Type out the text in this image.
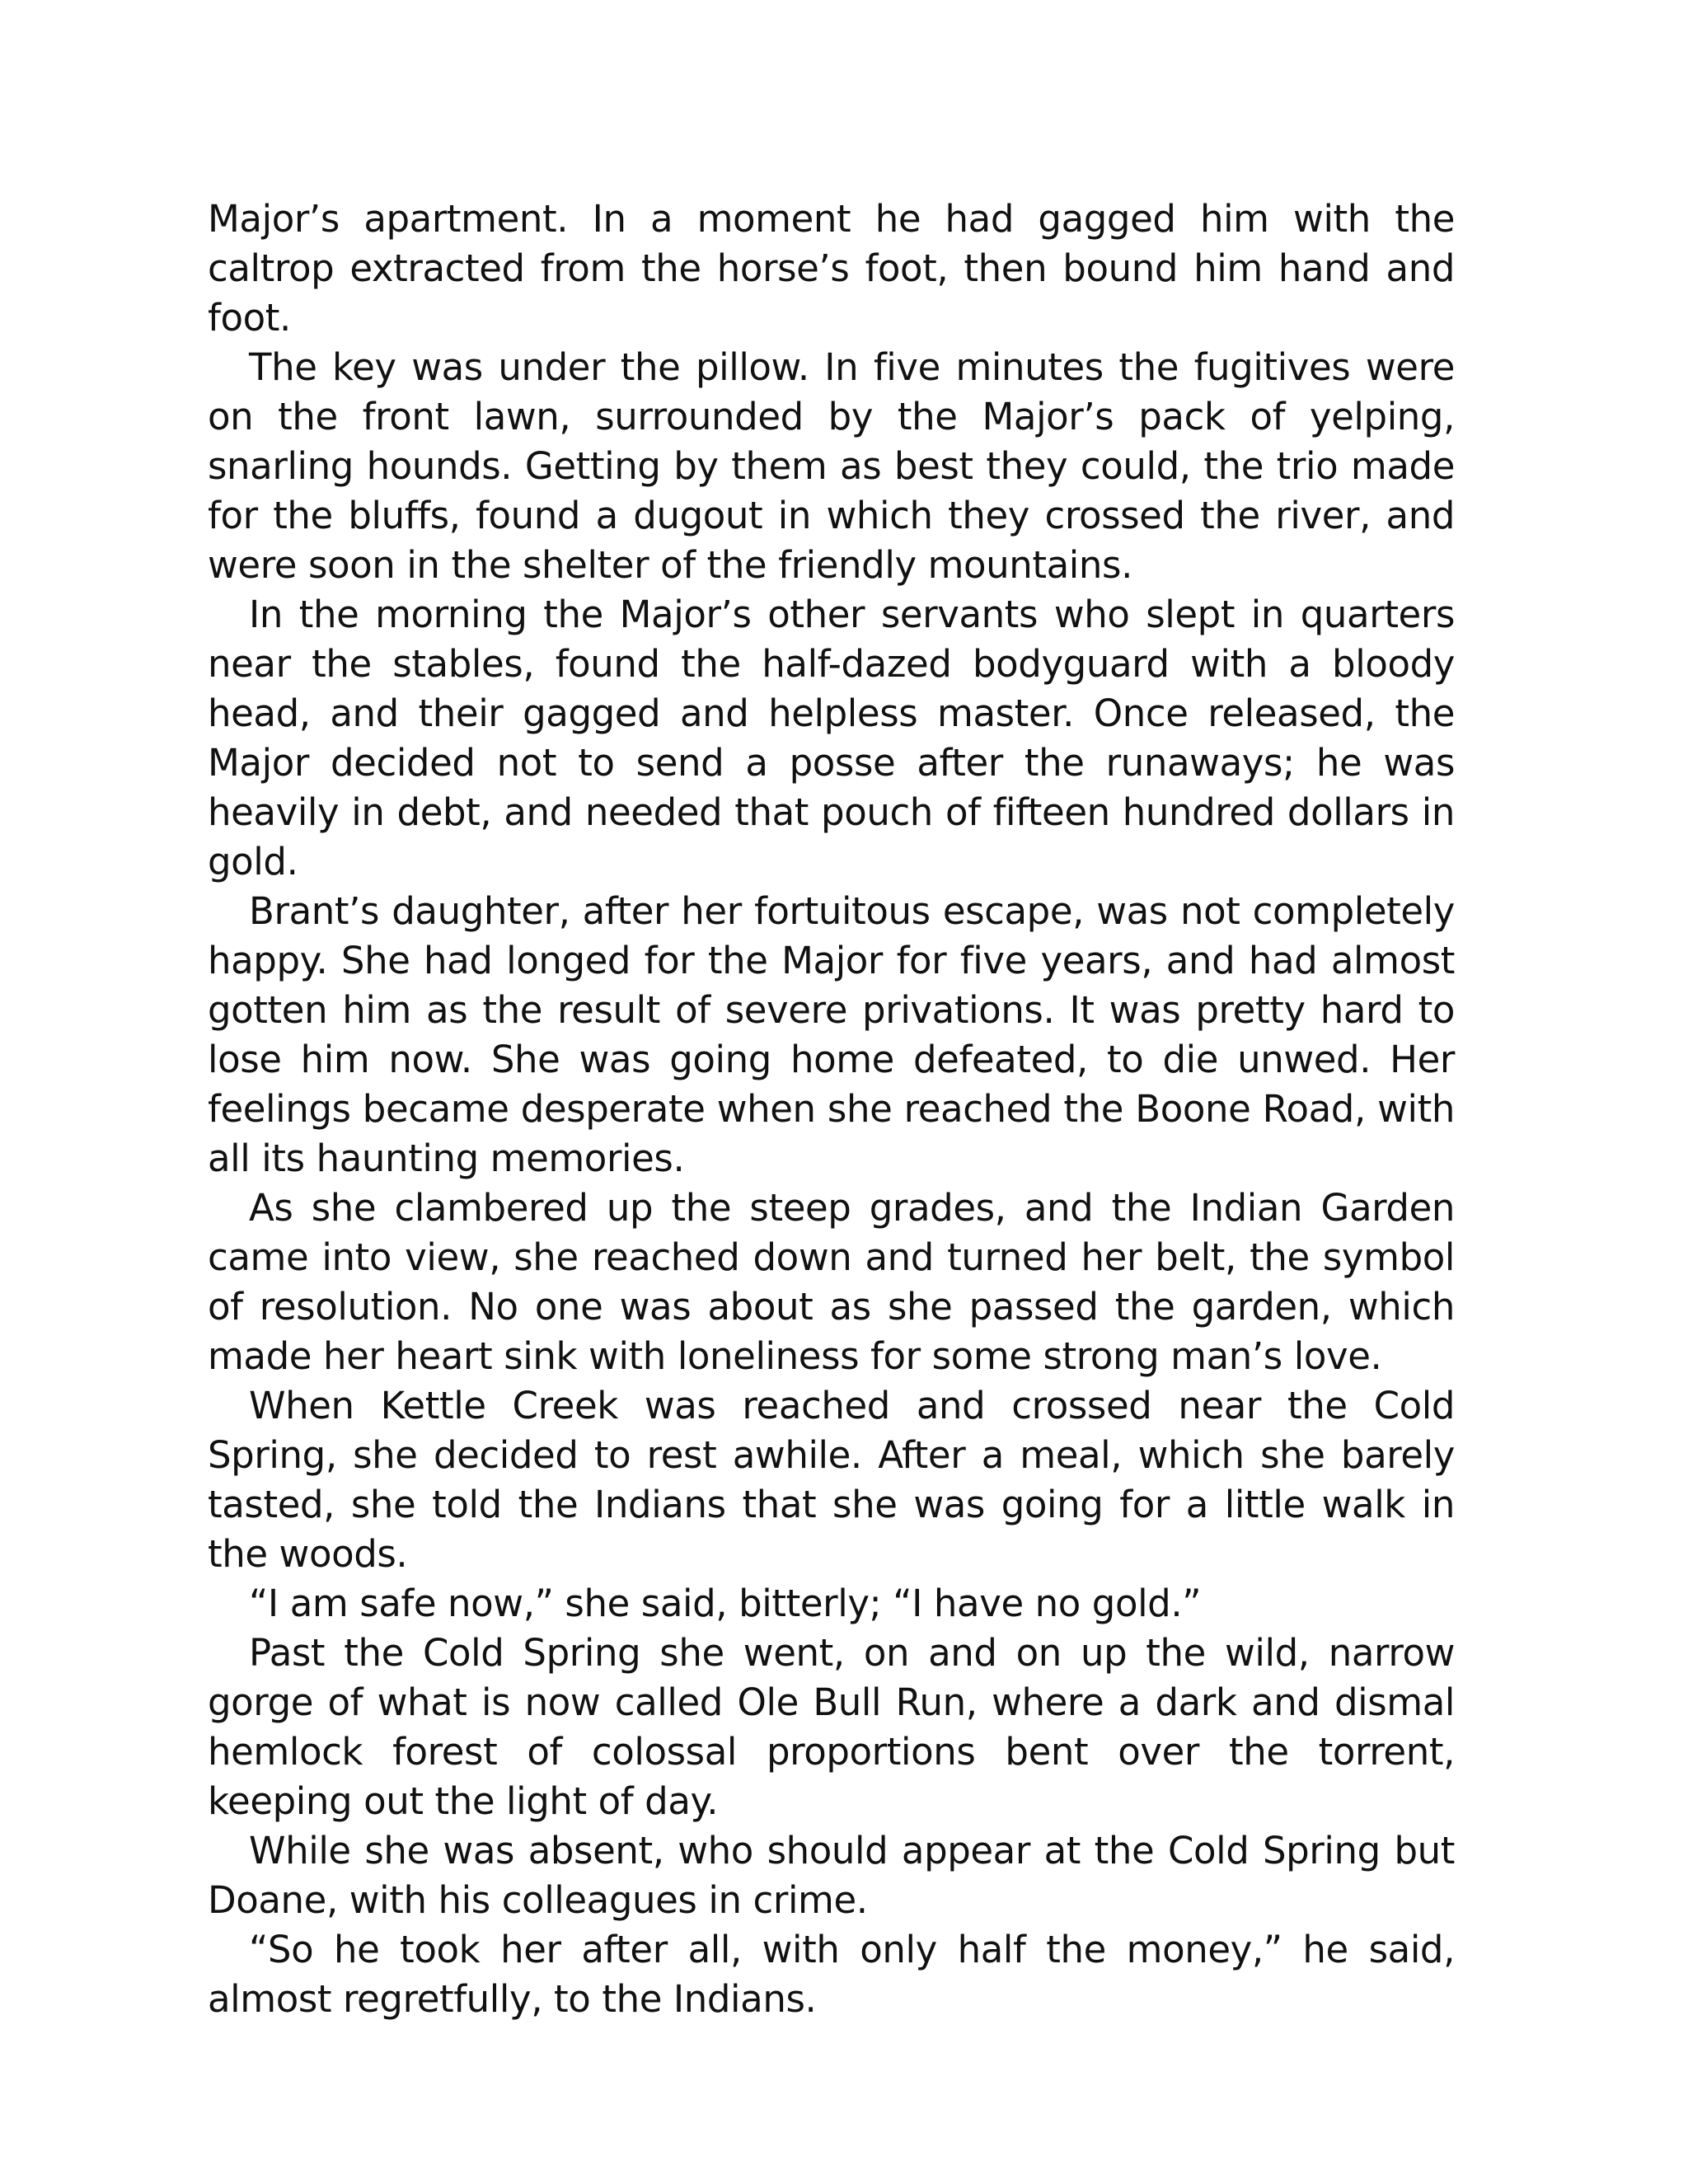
Major’s apartment. In a moment he had gagged him with the caltrop extracted from the horse’s foot, then bound him hand and foot.

The key was under the pillow. In five minutes the fugitives were on the front lawn, surrounded by the Major’s pack of yelping, snarling hounds. Getting by them as best they could, the trio made for the bluffs, found a dugout in which they crossed the river, and were soon in the shelter of the friendly mountains.

In the morning the Major’s other servants who slept in quarters near the stables, found the half-dazed bodyguard with a bloody head, and their gagged and helpless master. Once released, the Major decided not to send a posse after the runaways; he was heavily in debt, and needed that pouch of fifteen hundred dollars in gold.

Brant’s daughter, after her fortuitous escape, was not completely happy. She had longed for the Major for five years, and had almost gotten him as the result of severe privations. It was pretty hard to lose him now. She was going home defeated, to die unwed. Her feelings became desperate when she reached the Boone Road, with all its haunting memories.

As she clambered up the steep grades, and the Indian Garden came into view, she reached down and turned her belt, the symbol of resolution. No one was about as she passed the garden, which made her heart sink with loneliness for some strong man’s love.

When Kettle Creek was reached and crossed near the Cold Spring, she decided to rest awhile. After a meal, which she barely tasted, she told the Indians that she was going for a little walk in the woods.

“I am safe now,” she said, bitterly; “I have no gold.”

Past the Cold Spring she went, on and on up the wild, narrow gorge of what is now called Ole Bull Run, where a dark and dismal hemlock forest of colossal proportions bent over the torrent, keeping out the light of day.

While she was absent, who should appear at the Cold Spring but Doane, with his colleagues in crime.

“So he took her after all, with only half the money,” he said, almost regretfully, to the Indians.
